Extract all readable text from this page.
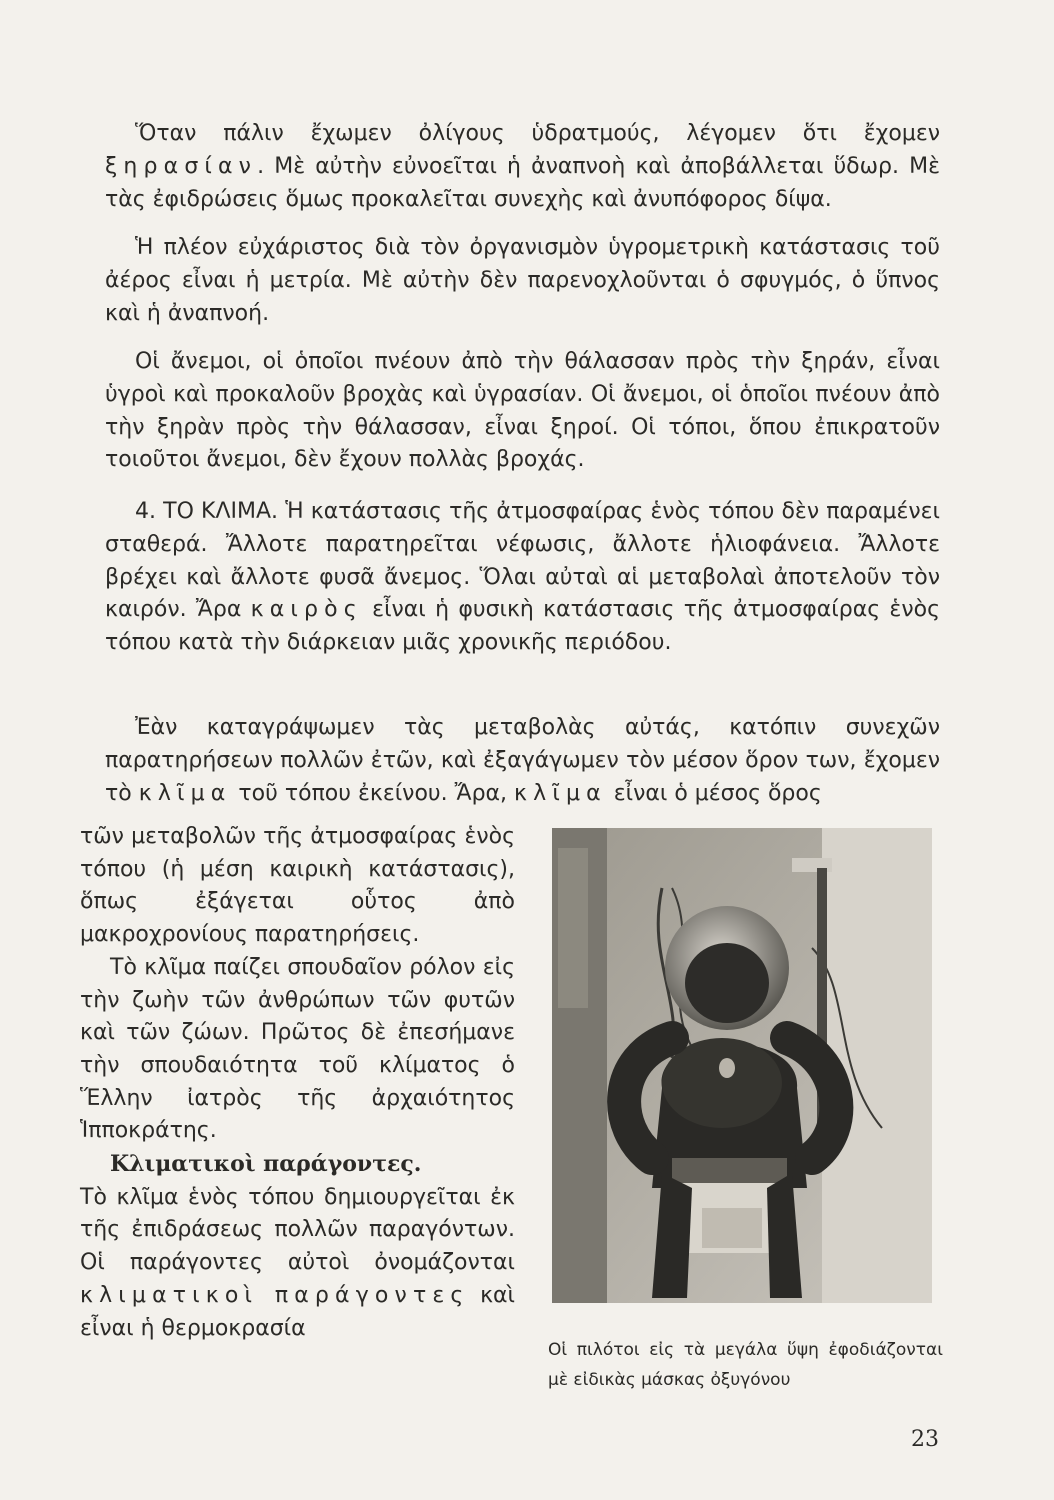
Ὅταν πάλιν ἔχωμεν ὀλίγους ὑδρατμούς, λέγομεν ὅτι ἔχομεν ξηρασίαν. Μὲ αὐτὴν εὐνοεῖται ἡ ἀναπνοὴ καὶ ἀποβάλλεται ὕδωρ. Μὲ τὰς ἐφιδρώσεις ὅμως προκαλεῖται συνεχὴς καὶ ἀνυπόφορος δίψα.

Ἡ πλέον εὐχάριστος διὰ τὸν ὀργανισμὸν ὑγρομετρικὴ κατάστασις τοῦ ἀέρος εἶναι ἡ μετρία. Μὲ αὐτὴν δὲν παρενοχλοῦνται ὁ σφυγμός, ὁ ὕπνος καὶ ἡ ἀναπνοή.

Οἱ ἄνεμοι, οἱ ὁποῖοι πνέουν ἀπὸ τὴν θάλασσαν πρὸς τὴν ξηράν, εἶναι ὑγροὶ καὶ προκαλοῦν βροχὰς καὶ ὑγρασίαν. Οἱ ἄνεμοι, οἱ ὁποῖοι πνέουν ἀπὸ τὴν ξηρὰν πρὸς τὴν θάλασσαν, εἶναι ξηροί. Οἱ τόποι, ὅπου ἐπικρατοῦν τοιοῦτοι ἄνεμοι, δὲν ἔχουν πολλὰς βροχάς.

4. ΤΟ ΚΛΙΜΑ. Ἡ κατάστασις τῆς ἀτμοσφαίρας ἑνὸς τόπου δὲν παραμένει σταθερά. Ἄλλοτε παρατηρεῖται νέφωσις, ἄλλοτε ἡλιοφάνεια. Ἄλλοτε βρέχει καὶ ἄλλοτε φυσᾶ ἄνεμος. Ὅλαι αὐταὶ αἱ μεταβολαὶ ἀποτελοῦν τὸν καιρόν. Ἄρα καιρὸς εἶναι ἡ φυσικὴ κατάστασις τῆς ἀτμοσφαίρας ἑνὸς τόπου κατὰ τὴν διάρκειαν μιᾶς χρονικῆς περιόδου.

Ἐὰν καταγράψωμεν τὰς μεταβολὰς αὐτάς, κατόπιν συνεχῶν παρατηρήσεων πολλῶν ἐτῶν, καὶ ἐξαγάγωμεν τὸν μέσον ὅρον των, ἔχομεν τὸ κλῖμα τοῦ τόπου ἐκείνου. Ἄρα, κλῖμα εἶναι ὁ μέσος ὅρος

τῶν μεταβολῶν τῆς ἀτμοσφαίρας ἑνὸς τόπου (ἡ μέση καιρικὴ κατάστασις), ὅπως ἐξάγεται οὗτος ἀπὸ μακροχρονίους παρατηρήσεις.

Τὸ κλῖμα παίζει σπουδαῖον ρόλον εἰς τὴν ζωὴν τῶν ἀνθρώπων τῶν φυτῶν καὶ τῶν ζώων. Πρῶτος δὲ ἐπεσήμανε τὴν σπουδαιότητα τοῦ κλίματος ὁ Ἕλλην ἰατρὸς τῆς ἀρχαιότητος Ἱπποκράτης.

Κλιματικοὶ παράγοντες.

Τὸ κλῖμα ἑνὸς τόπου δημιουργεῖται ἐκ τῆς ἐπιδράσεως πολλῶν παραγόντων. Οἱ παράγοντες αὐτοὶ ὀνομάζονται κλιματικοὶ παράγοντες καὶ εἶναι ἡ θερμοκρασία

Οἱ πιλότοι εἰς τὰ μεγάλα ὕψη ἐφοδιάζονται μὲ εἰδικὰς μάσκας ὀξυγόνου
23
